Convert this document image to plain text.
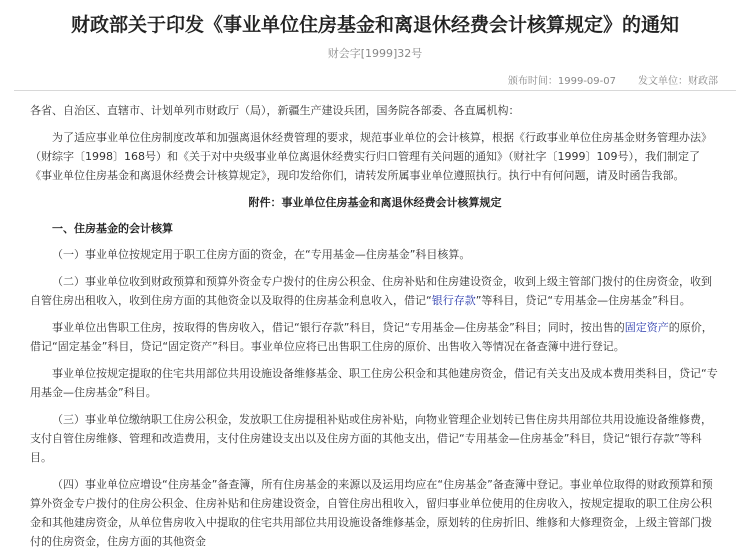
财政部关于印发《事业单位住房基金和离退休经费会计核算规定》的通知
财会字[1999]32号
颁布时间：1999-09-07 发文单位：财政部

各省、自治区、直辖市、计划单列市财政厅（局），新疆生产建设兵团，国务院各部委、各直属机构：

为了适应事业单位住房制度改革和加强离退休经费管理的要求，规范事业单位的会计核算，根据《行政事业单位住房基金财务管理办法》（财综字〔1998〕168号）和《关于对中央级事业单位离退休经费实行归口管理有关问题的通知》（财社字〔1999〕109号），我们制定了《事业单位住房基金和离退休经费会计核算规定》，现印发给你们，请转发所属事业单位遵照执行。执行中有何问题，请及时函告我部。

附件：事业单位住房基金和离退休经费会计核算规定

一、住房基金的会计核算

（一）事业单位按规定用于职工住房方面的资金，在“专用基金—住房基金”科目核算。

（二）事业单位收到财政预算和预算外资金专户拨付的住房公积金、住房补贴和住房建设资金，收到上级主管部门拨付的住房资金，收到自管住房出租收入，收到住房方面的其他资金以及取得的住房基金利息收入，借记“银行存款”等科目，贷记“专用基金—住房基金”科目。

事业单位出售职工住房，按取得的售房收入，借记“银行存款”科目，贷记“专用基金—住房基金”科目；同时，按出售的固定资产的原价，借记“固定基金”科目，贷记“固定资产”科目。事业单位应将已出售职工住房的原价、出售收入等情况在备查簿中进行登记。

事业单位按规定提取的住宅共用部位共用设施设备维修基金、职工住房公积金和其他建房资金，借记有关支出及成本费用类科目，贷记“专用基金—住房基金”科目。

（三）事业单位缴纳职工住房公积金，发放职工住房提租补贴或住房补贴，向物业管理企业划转已售住房共用部位共用设施设备维修费，支付自管住房维修、管理和改造费用，支付住房建设支出以及住房方面的其他支出，借记“专用基金—住房基金”科目，贷记“银行存款”等科目。

（四）事业单位应增设“住房基金”备查簿，所有住房基金的来源以及运用均应在“住房基金”备查簿中登记。事业单位取得的财政预算和预算外资金专户拨付的住房公积金、住房补贴和住房建设资金，自管住房出租收入，留归事业单位使用的住房收入，按规定提取的职工住房公积金和其他建房资金，从单位售房收入中提取的住宅共用部位共用设施设备维修基金，原划转的住房折旧、维修和大修理资金，上级主管部门拨付的住房资金，住房方面的其他资金
